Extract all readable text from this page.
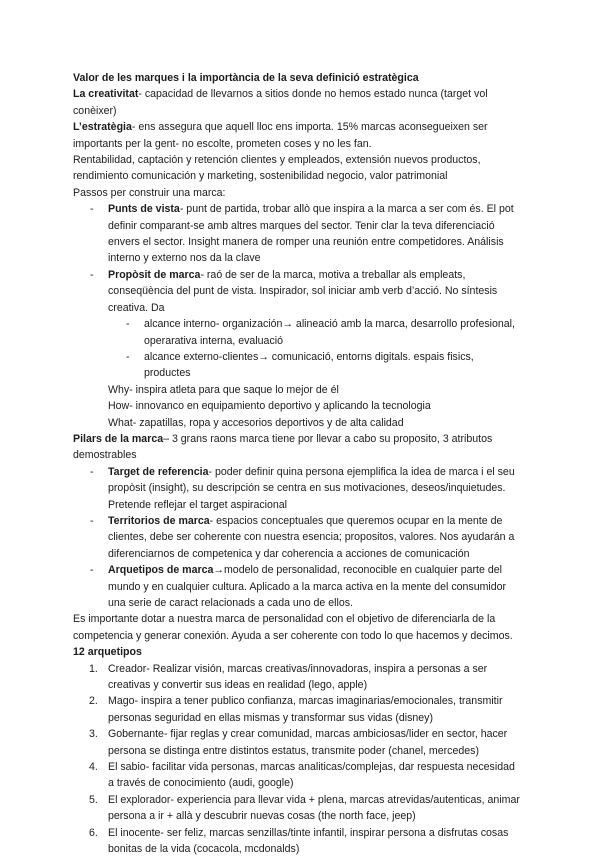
Valor de les marques i la importància de la seva definició estratègica

La creativitat- capacidad de llevarnos a sitios donde no hemos estado nunca (target vol conèixer)

L’estratègia- ens assegura que aquell lloc ens importa. 15% marcas aconsegueixen ser importants per la gent- no escolte, prometen coses y no les fan.

Rentabilidad, captación y retención clientes y empleados, extensión nuevos productos, rendimiento comunicación y marketing, sostenibilidad negocio, valor patrimonial

Passos per construir una marca:

- Punts de vista- punt de partida, trobar allò que inspira a la marca a ser com és. El pot definir comparant-se amb altres marques del sector. Tenir clar la teva diferenciació envers el sector. Insight manera de romper una reunión entre competidores. Análisis interno y externo nos da la clave
- Propòsit de marca- raó de ser de la marca, motiva a treballar als empleats, conseqüència del punt de vista. Inspirador, sol iniciar amb verb d’acció. No síntesis creativa. Da
- alcance interno- organización→ alineació amb la marca, desarrollo profesional, operarativa interna, evaluació
- alcance externo-clientes→ comunicació, entorns digitals. espais fisics, productes

Why- inspira atleta para que saque lo mejor de él

How- innovanco en equipamiento deportivo y aplicando la tecnologia

What- zapatillas, ropa y accesorios deportivos y de alta calidad

Pilars de la marca– 3 grans raons marca tiene por llevar a cabo su proposito, 3 atributos demostrables

- Target de referencia- poder definir quina persona ejemplifica la idea de marca i el seu propòsit (insight), su descripción se centra en sus motivaciones, deseos/inquietudes. Pretende reflejar el target aspiracional
- Territorios de marca- espacios conceptuales que queremos ocupar en la mente de clientes, debe ser coherente con nuestra esencia; propositos, valores. Nos ayudarán a diferenciarnos de competenica y dar coherencia a acciones de comunicación
- Arquetipos de marca→modelo de personalidad, reconocible en cualquier parte del mundo y en cualquier cultura. Aplicado a la marca activa en la mente del consumidor una serie de caract relacionads a cada uno de ellos.

Es importante dotar a nuestra marca de personalidad con el objetivo de diferenciarla de la competencia y generar conexión. Ayuda a ser coherente con todo lo que hacemos y decimos. 12 arquetipos

1. Creador- Realizar visión, marcas creativas/innovadoras, inspira a personas a ser creativas y convertir sus ideas en realidad (lego, apple)
2. Mago- inspira a tener publico confianza, marcas imaginarias/emocionales, transmitir personas seguridad en ellas mismas y transformar sus vidas (disney)
3. Gobernante- fijar reglas y crear comunidad, marcas ambiciosas/lider en sector, hacer persona se distinga entre distintos estatus, transmite poder (chanel, mercedes)
4. El sabio- facilitar vida personas, marcas analiticas/complejas, dar respuesta necesidad a través de conocimiento (audi, google)
5. El explorador- experiencia para llevar vida + plena, marcas atrevidas/autenticas, animar persona a ir + allà y descubrir nuevas cosas (the north face, jeep)
6. El inocente- ser feliz, marcas senzillas/tinte infantil, inspirar persona a disfrutas cosas bonitas de la vida (cocacola, mcdonalds)
